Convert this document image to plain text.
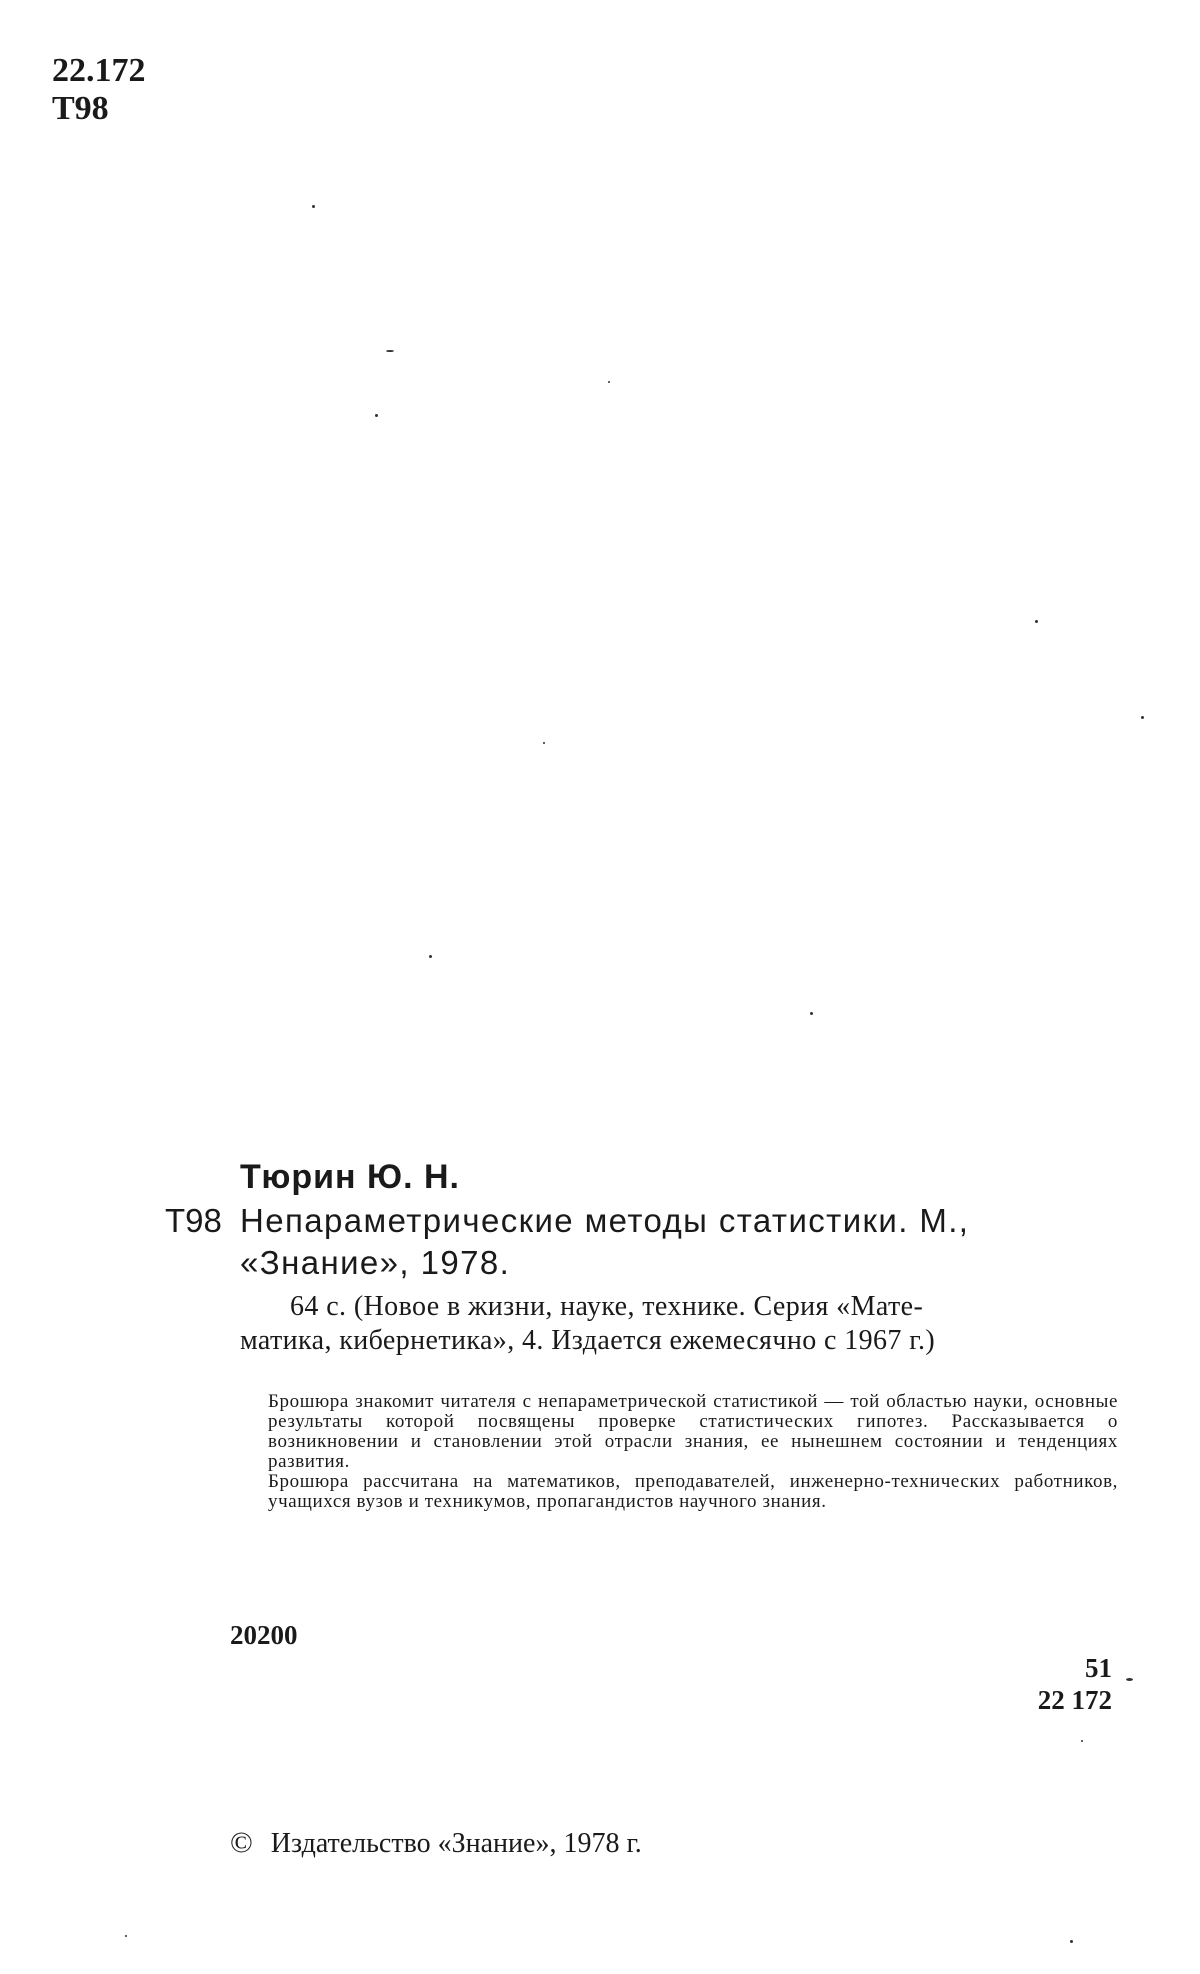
22.172
Т98
Тюрин Ю. Н.
Т98 Непараметрические методы статистики. М.,
«Знание», 1978.
64 с. (Новое в жизни, науке, технике. Серия «Мате-
матика, кибернетика», 4. Издается ежемесячно с 1967 г.)

Брошюра знакомит читателя с непараметрической статистикой — той областью науки, основные результаты которой посвящены проверке статистических гипотез. Рассказывается о возникновении и становлении этой отрасли знания, ее нынешнем состоянии и тенденциях развития.

Брошюра рассчитана на математиков, преподавателей, инженерно-технических работников, учащихся вузов и техникумов, пропагандистов научного знания.

20200
51
22 172
© Издательство «Знание», 1978 г.
